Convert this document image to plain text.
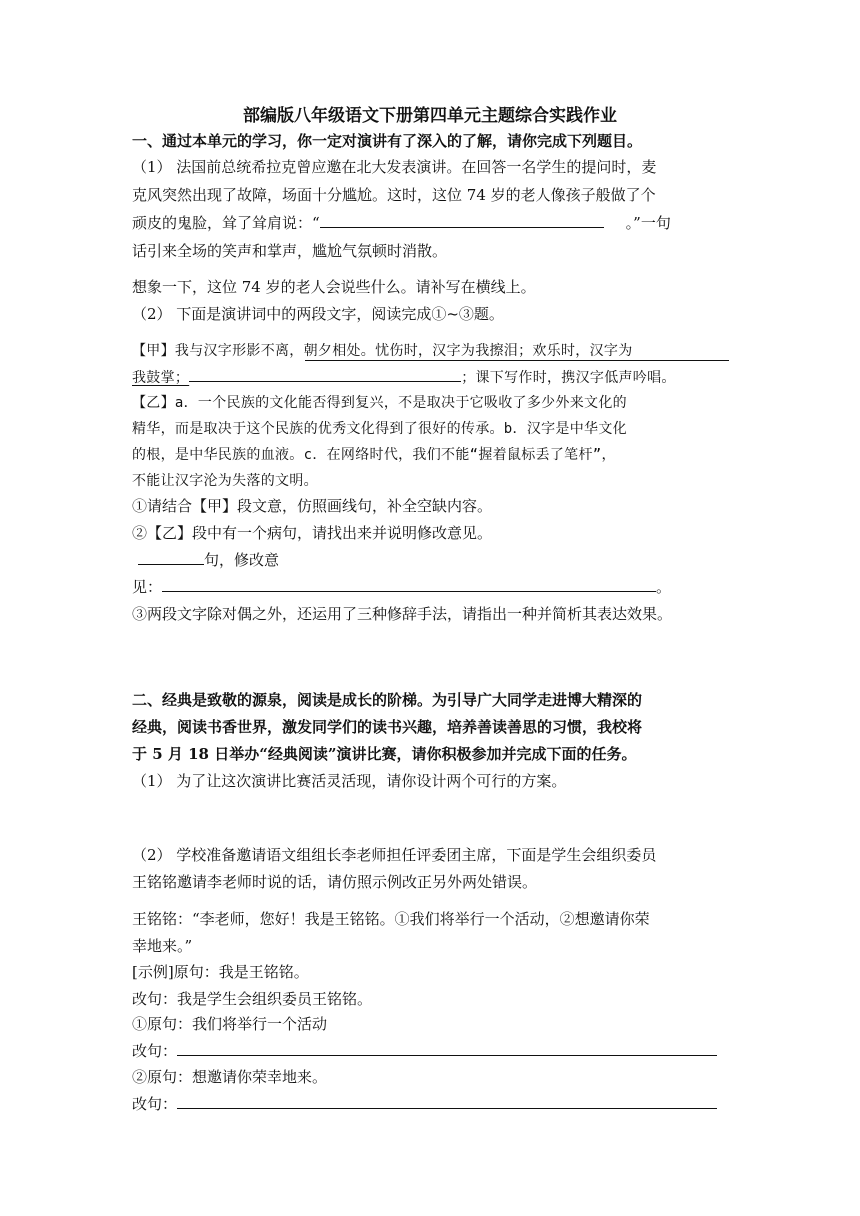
部编版八年级语文下册第四单元主题综合实践作业
一、通过本单元的学习，你一定对演讲有了深入的了解，请你完成下列题目。
（1） 法国前总统希拉克曾应邀在北大发表演讲。在回答一名学生的提问时，麦
克风突然出现了故障，场面十分尴尬。这时，这位 74 岁的老人像孩子般做了个
顽皮的鬼脸，耸了耸肩说：“	。”一句
话引来全场的笑声和掌声，尴尬气氛顿时消散。
想象一下，这位 74 岁的老人会说些什么。请补写在横线上。
（2） 下面是演讲词中的两段文字，阅读完成①~③题。
【甲】我与汉字形影不离，朝夕相处。忧伤时，汉字为我擦泪；欢乐时，汉字为
我鼓掌；	；课下写作时，携汉字低声吟唱。
【乙】a．一个民族的文化能否得到复兴，不是取决于它吸收了多少外来文化的
精华，而是取决于这个民族的优秀文化得到了很好的传承。b．汉字是中华文化
的根，是中华民族的血液。c．在网络时代，我们不能“握着鼠标丢了笔杆”，
不能让汉字沦为失落的文明。
①请结合【甲】段文意，仿照画线句，补全空缺内容。
②【乙】段中有一个病句，请找出来并说明修改意见。
句，修改意
见：	。
③两段文字除对偶之外，还运用了三种修辞手法，请指出一种并简析其表达效果。
二、经典是致敬的源泉，阅读是成长的阶梯。为引导广大同学走进博大精深的
经典，阅读书香世界，激发同学们的读书兴趣，培养善读善思的习惯，我校将
于 5 月 18 日举办“经典阅读”演讲比赛，请你积极参加并完成下面的任务。
（1） 为了让这次演讲比赛活灵活现，请你设计两个可行的方案。
（2） 学校准备邀请语文组组长李老师担任评委团主席，下面是学生会组织委员
王铭铭邀请李老师时说的话，请仿照示例改正另外两处错误。
王铭铭：“李老师，您好！我是王铭铭。①我们将举行一个活动，②想邀请你荣
幸地来。”
[示例]原句：我是王铭铭。
改句：我是学生会组织委员王铭铭。
①原句：我们将举行一个活动
改句：
②原句：想邀请你荣幸地来。
改句：
